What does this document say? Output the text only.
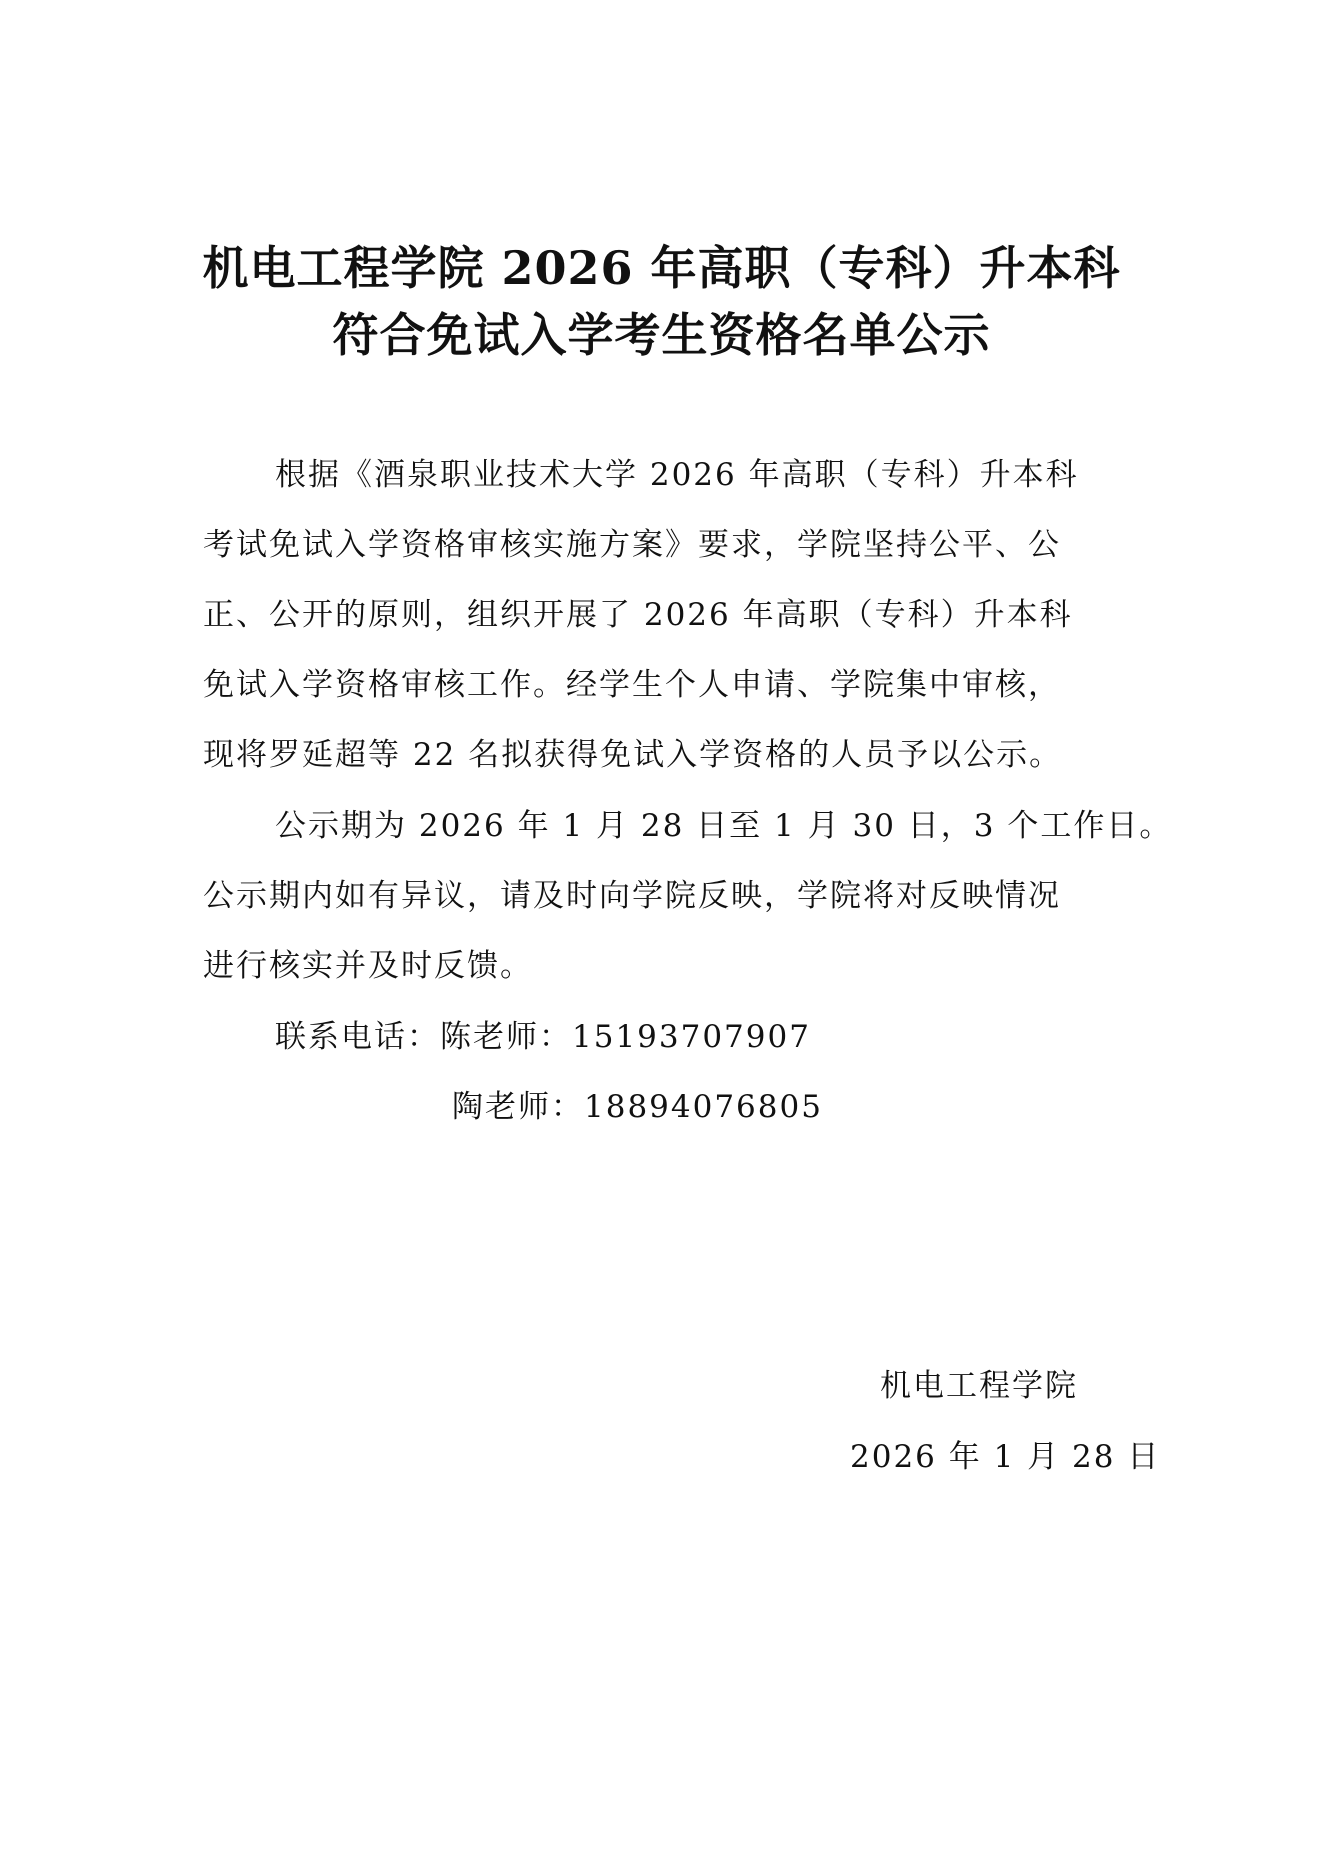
机电工程学院 2026 年高职（专科）升本科
符合免试入学考生资格名单公示
根据《酒泉职业技术大学 2026 年高职（专科）升本科
考试免试入学资格审核实施方案》要求，学院坚持公平、公
正、公开的原则，组织开展了 2026 年高职（专科）升本科
免试入学资格审核工作。经学生个人申请、学院集中审核，
现将罗延超等 22 名拟获得免试入学资格的人员予以公示。
公示期为 2026 年 1 月 28 日至 1 月 30 日，3 个工作日。
公示期内如有异议，请及时向学院反映，学院将对反映情况
进行核实并及时反馈。
联系电话：陈老师：15193707907
陶老师：18894076805
机电工程学院
2026 年 1 月 28 日
